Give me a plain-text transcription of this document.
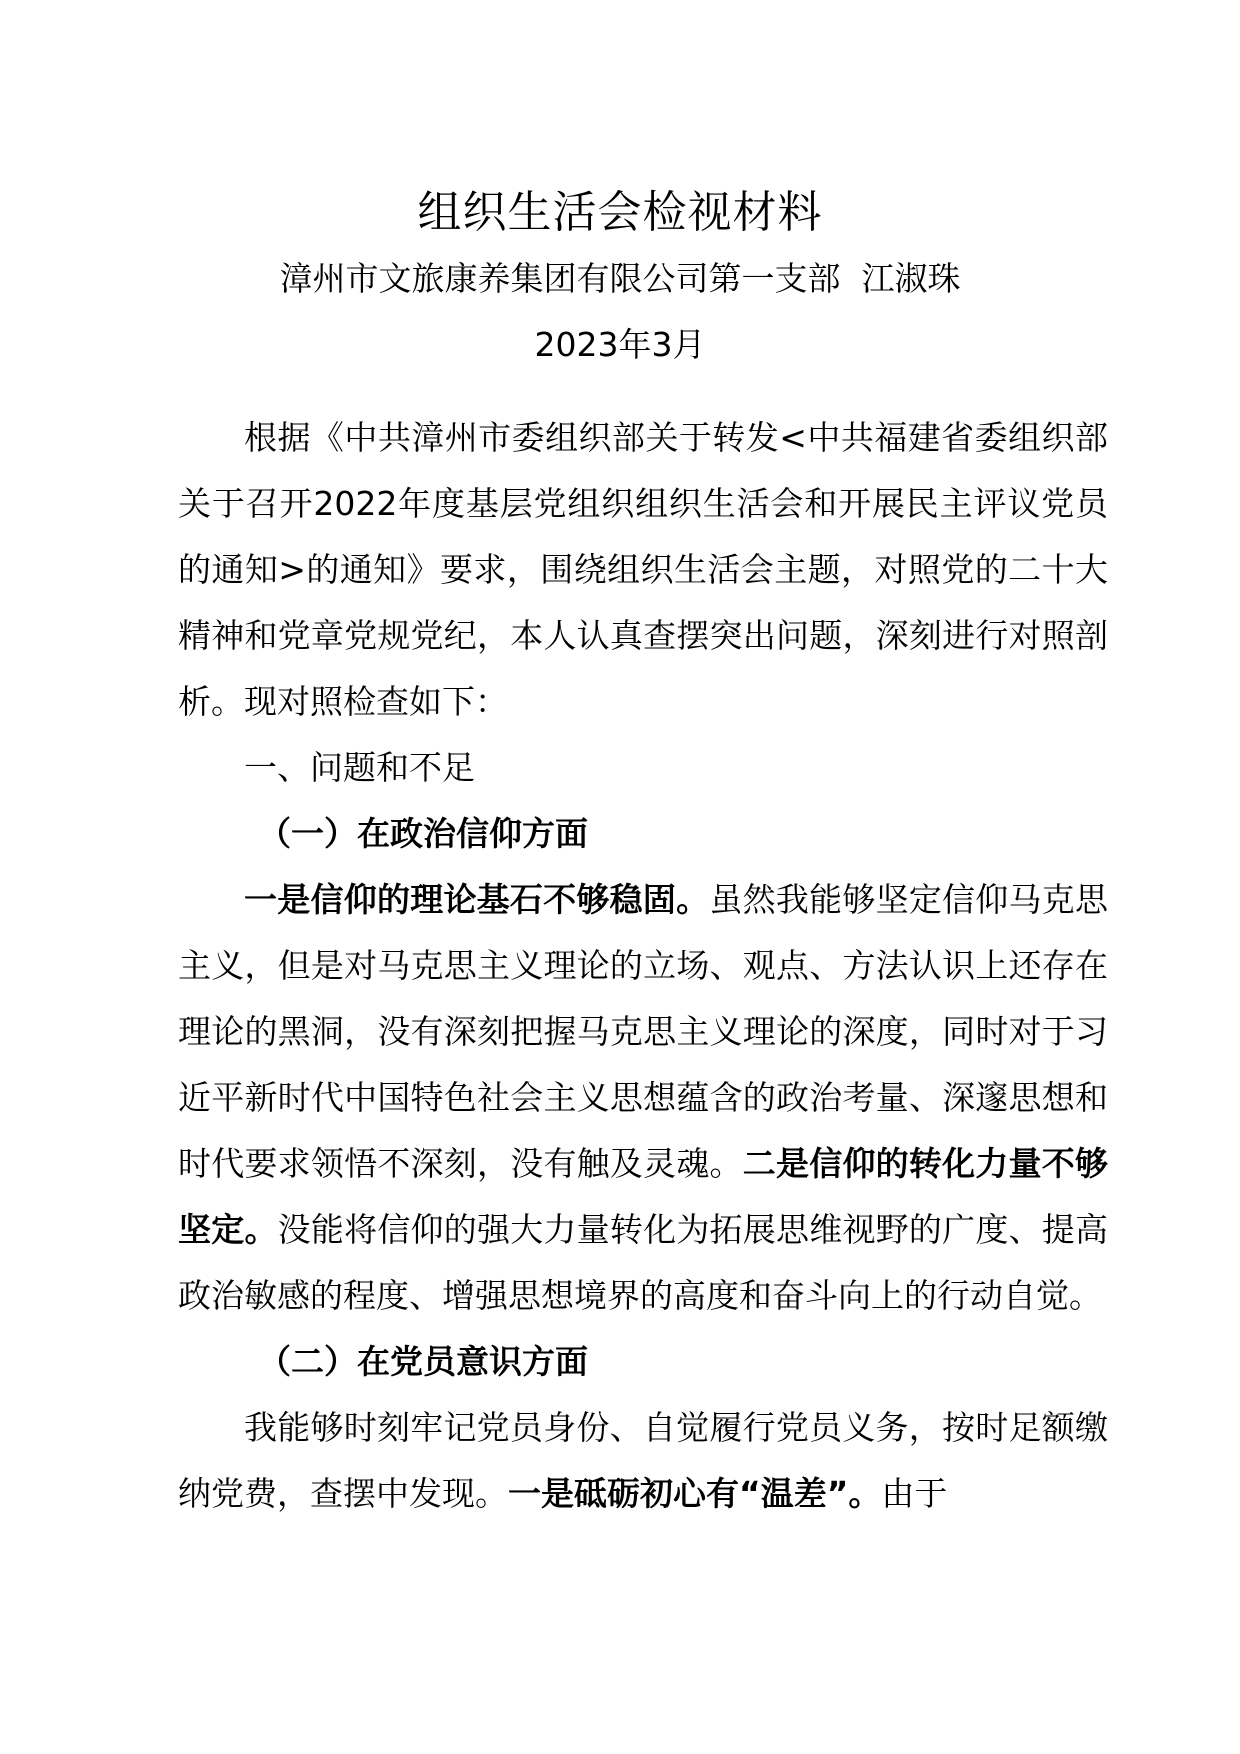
组织生活会检视材料
漳州市文旅康养集团有限公司第一支部  江淑珠
2023年3月

根据《中共漳州市委组织部关于转发<中共福建省委组织部关于召开2022年度基层党组织组织生活会和开展民主评议党员的通知>的通知》要求，围绕组织生活会主题，对照党的二十大精神和党章党规党纪，本人认真查摆突出问题，深刻进行对照剖析。现对照检查如下：

一、问题和不足

（一）在政治信仰方面

一是信仰的理论基石不够稳固。虽然我能够坚定信仰马克思主义，但是对马克思主义理论的立场、观点、方法认识上还存在理论的黑洞，没有深刻把握马克思主义理论的深度，同时对于习近平新时代中国特色社会主义思想蕴含的政治考量、深邃思想和时代要求领悟不深刻，没有触及灵魂。二是信仰的转化力量不够坚定。没能将信仰的强大力量转化为拓展思维视野的广度、提高政治敏感的程度、增强思想境界的高度和奋斗向上的行动自觉。

（二）在党员意识方面

我能够时刻牢记党员身份、自觉履行党员义务，按时足额缴纳党费，查摆中发现。一是砥砺初心有“温差”。由于
